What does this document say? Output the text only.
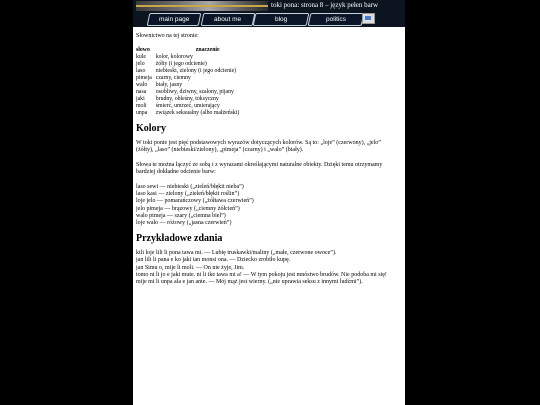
toki pona: strona 8 – język pełen barw
main page	about me	blog	politics

Słownictwo na tej stronie:

słowo	znaczenie
kule	kolor, kolorowy
jelo	żółty (i jego odcienie)
laso	niebieski, zielony (i jego odcienie)
pimeja	czarny, ciemny
walo	biały, jasny
nasa	osobliwy, dziwny, szalony, pijany
jaki	brudny, obleśny, toksyczny
moli	śmierć, umrzeć, umierający
unpa	związek seksualny (albo małżeński)
Kolory

W toki ponie jest pięć podstawowych wyrazów dotyczących kolorów. Są to: „loje” (czerwony), „jelo” (żółty), „laso” (niebieski/zielony), „pimeja” (czarny) i „walo” (biały).

Słowa te można łączyć ze sobą i z wyrazami określającymi naturalne obiekty. Dzięki temu otrzymamy bardziej dokładne odcienie barw:

laso sewi — niebieski („zieleń/błękit nieba”)

laso kasi — zielony („zieleń/błękit roślin”)

loje jelo — pomarańczowy („żółtawa czerwień”)

jelo pimeja — brązowy („ciemny żółcień”)

walo pimeja — szary („ciemna biel”)

loje walo — różowy („jasna czerwień”)

Przykładowe zdania

kili loje lili li pona tawa mi. — Lubię truskawki/maliny („małe, czerwone owoce”).

jan lili li pana e ko jaki tan monsi ona. — Dziecko zrobiło kupę.

jan Simu o, mije li moli. — On nie żyje, Jim.

tomo ni li jo e jaki mute. ni li ike tawa mi a! — W tym pokoju jest mnóstwo brudów. Nie podoba mi się!

mije mi li unpa ala e jan ante. — Mój mąż jest wierny. („nie uprawia seksu z innymi ludźmi”).
